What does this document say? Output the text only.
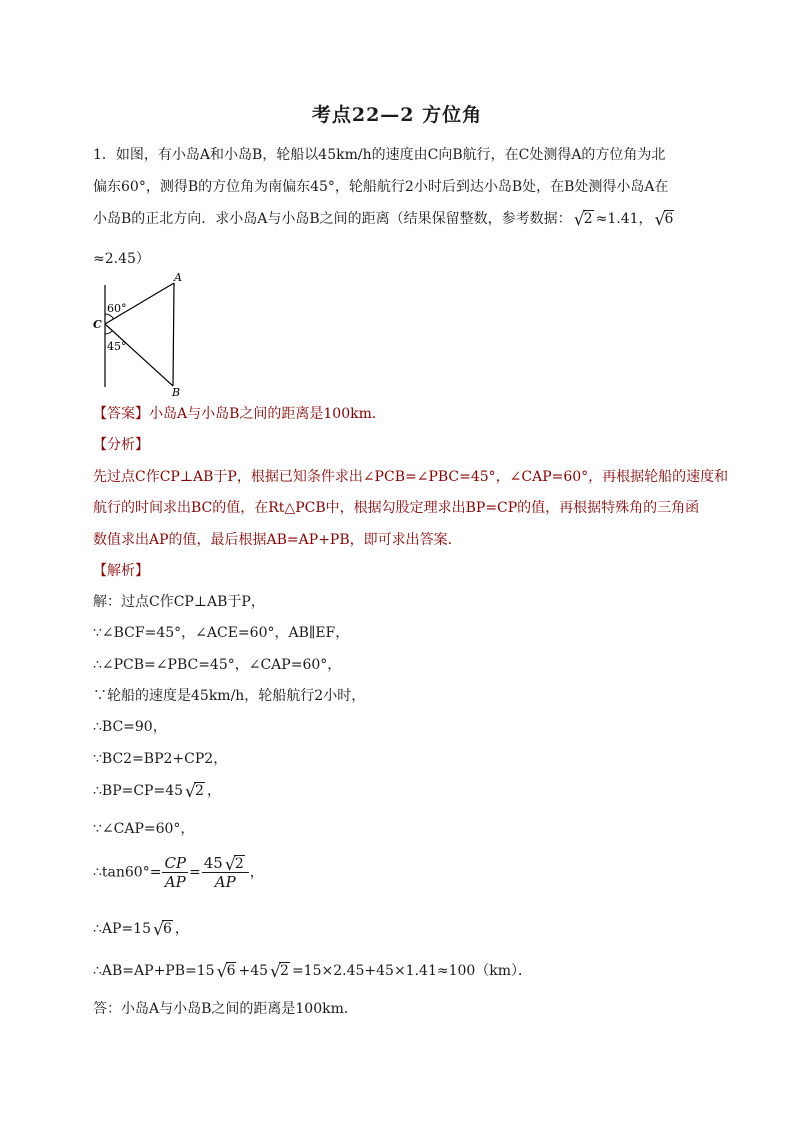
考点22—2 方位角
1．如图，有小岛A和小岛B，轮船以45km/h的速度由C向B航行，在C处测得A的方位角为北
偏东60°，测得B的方位角为南偏东45°，轮船航行2小时后到达小岛B处，在B处测得小岛A在
小岛B的正北方向．求小岛A与小岛B之间的距离（结果保留整数，参考数据： √ 2 ≈1.41， √ 6
≈2.45）
A
B
C
60°
45°
【答案】小岛A与小岛B之间的距离是100km．
【分析】
先过点C作CP⊥AB于P，根据已知条件求出∠PCB=∠PBC=45°，∠CAP=60°，再根据轮船的速度和
航行的时间求出BC的值，在Rt△PCB中，根据勾股定理求出BP=CP的值，再根据特殊角的三角函
数值求出AP的值，最后根据AB=AP+PB，即可求出答案．
【解析】
解：过点C作CP⊥AB于P，
∵∠BCF=45°，∠ACE=60°，AB∥EF，
∴∠PCB=∠PBC=45°，∠CAP=60°，
∵轮船的速度是45km/h，轮船航行2小时，
∴BC=90，
∵BC2=BP2+CP2，
∴BP=CP=45 √ 2 ，
∵∠CAP=60°，
∴tan60°= $\frac{CP}{AP} = \frac{45 √ 2}{AP}$ ，
∴AP=15 √ 6 ，
∴AB=AP+PB=15 √ 6 +45 √ 2 =15×2.45+45×1.41≈100（km）．
答：小岛A与小岛B之间的距离是100km．
